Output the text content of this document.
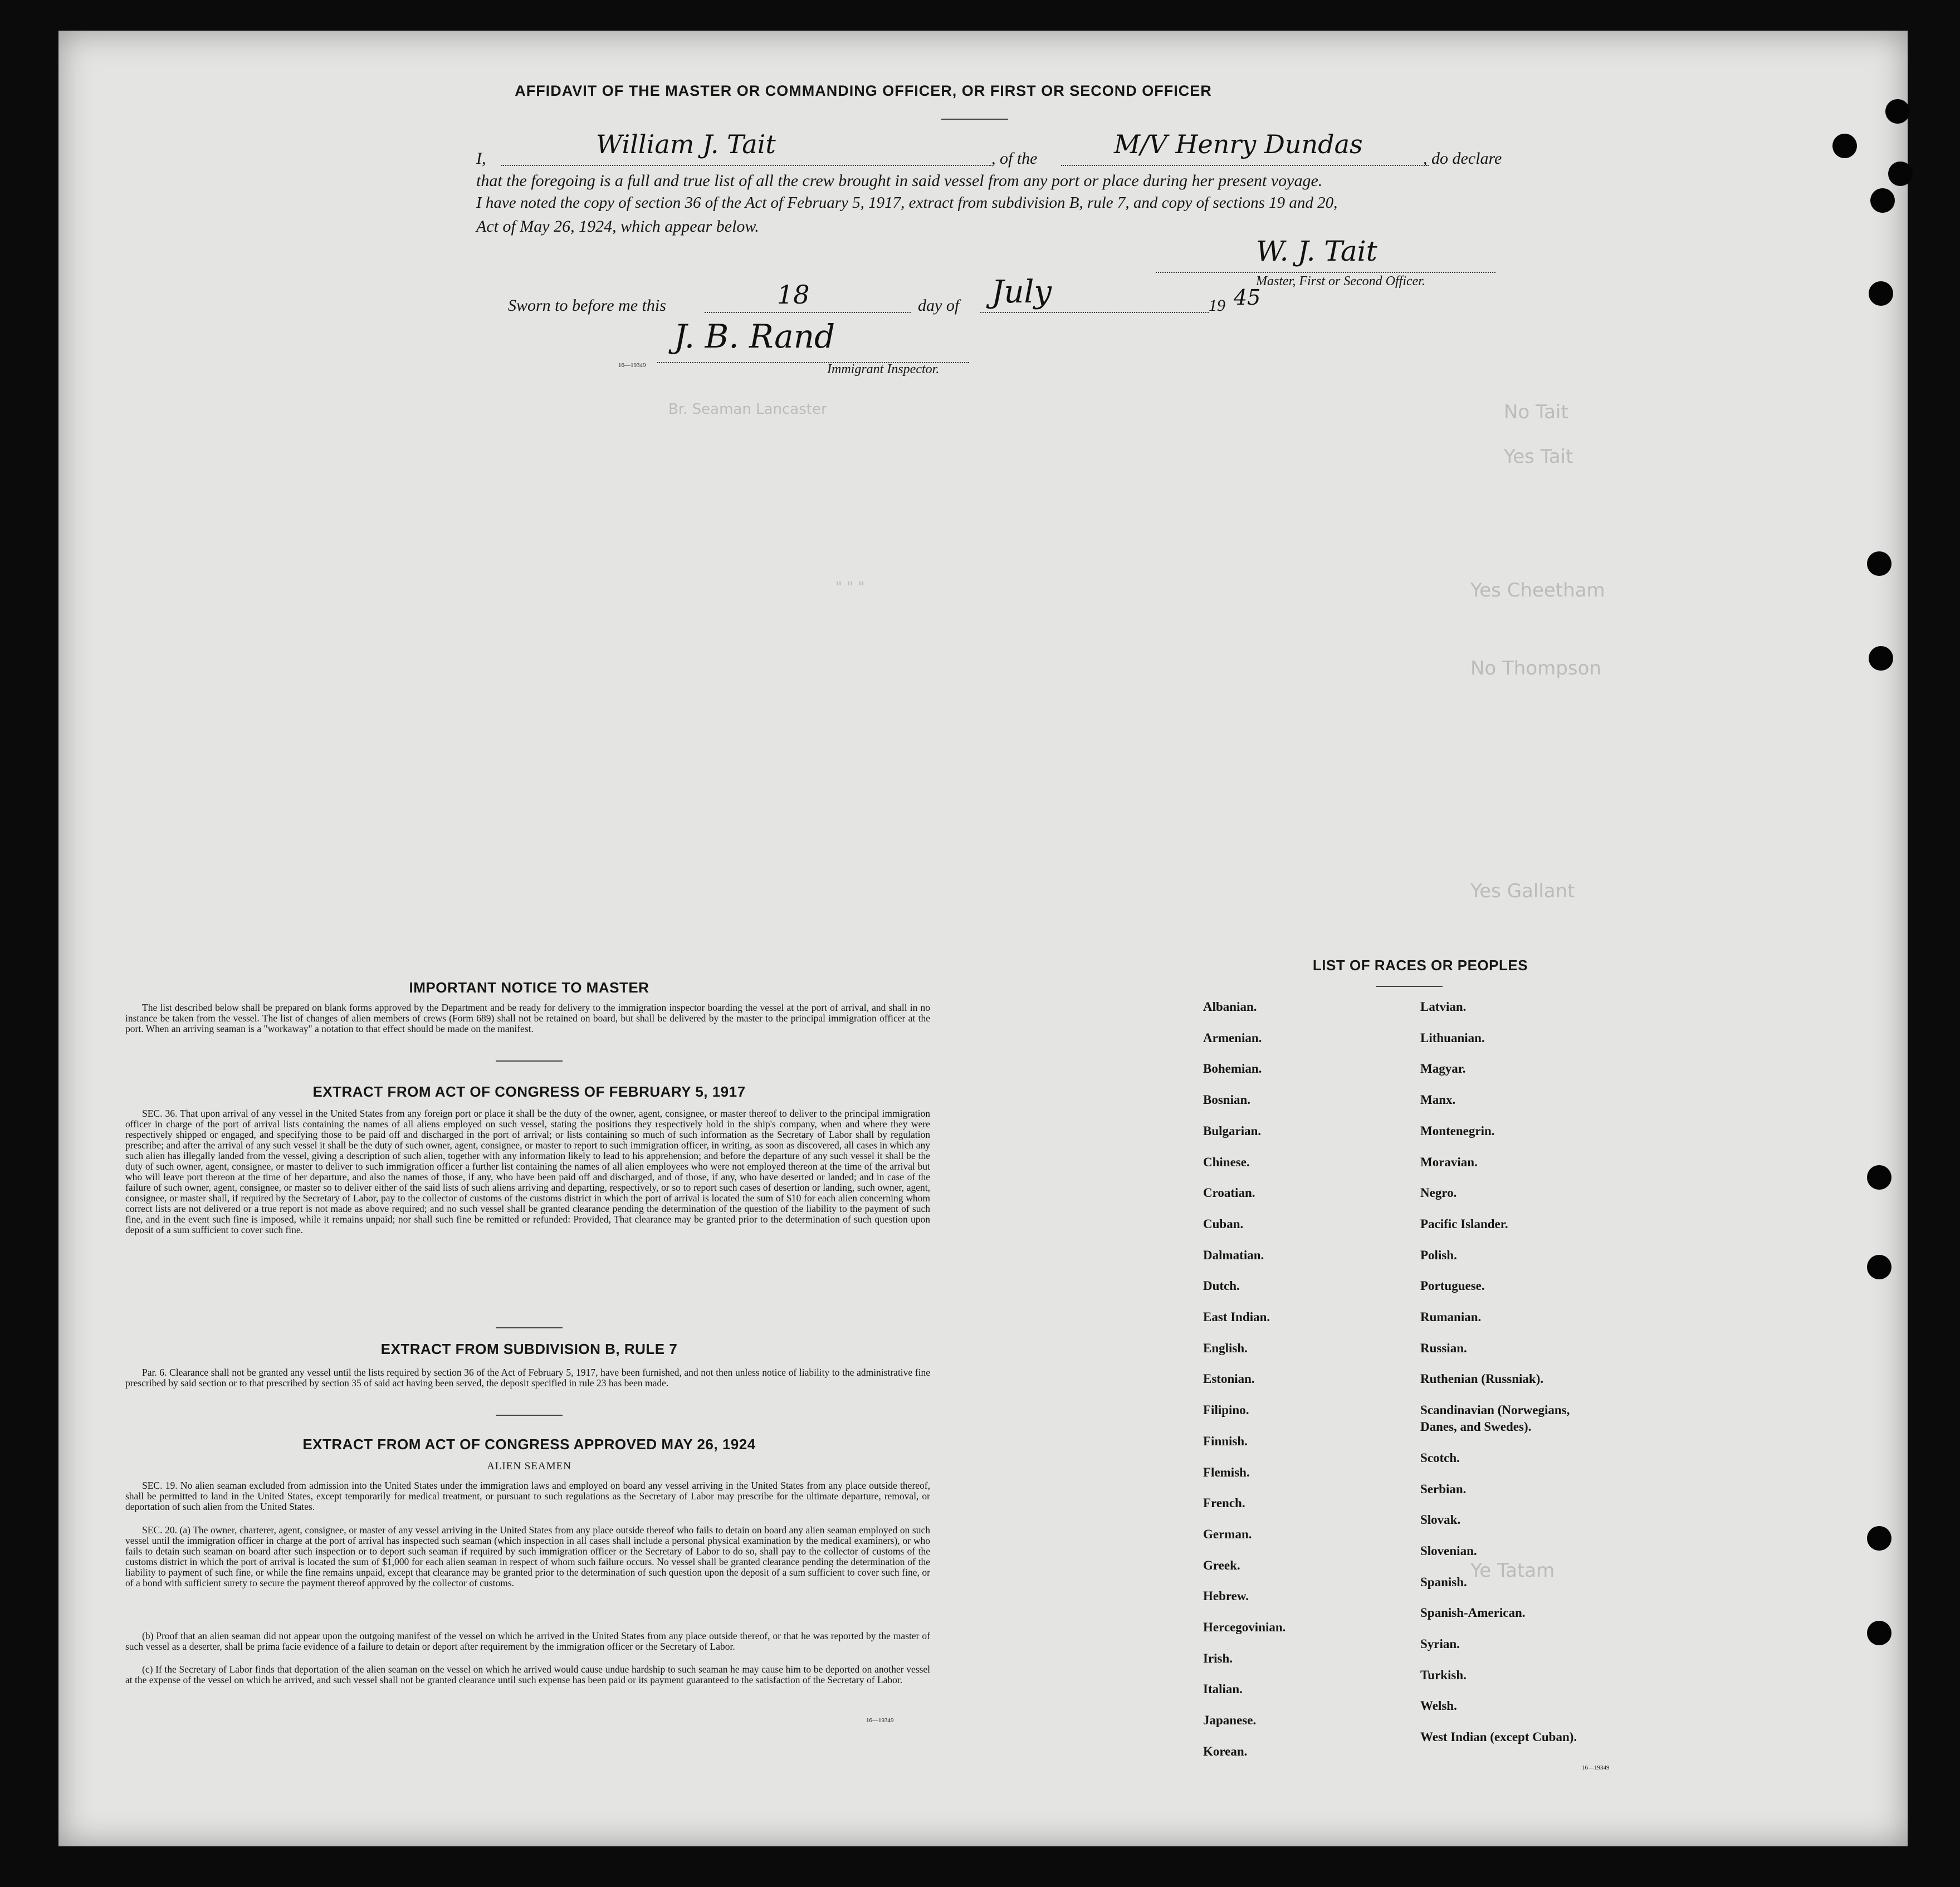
No Tait
Yes Tait
Yes Cheetham
No Thompson
Yes Gallant
Ye Tatam
Br. Seaman Lancaster
" " "
AFFIDAVIT OF THE MASTER OR COMMANDING OFFICER, OR FIRST OR SECOND OFFICER
I,	William J. Tait	, of the	M/V Henry Dundas	, do declare
that the foregoing is a full and true list of all the crew brought in said vessel from any port or place during her present voyage.
I have noted the copy of section 36 of the Act of February 5, 1917, extract from subdivision B, rule 7, and copy of sections 19 and 20,
Act of May 26, 1924, which appear below.
W. J. Tait
Master, First or Second Officer.
Sworn to before me this	18	day of July	19 45
J. B. Rand
16—19349	Immigrant Inspector.
IMPORTANT NOTICE TO MASTER
The list described below shall be prepared on blank forms approved by the Department and be ready for delivery to the immigration inspector boarding the vessel at the port of arrival, and shall in no instance be taken from the vessel. The list of changes of alien members of crews (Form 689) shall not be retained on board, but shall be delivered by the master to the principal immigration officer at the port. When an arriving seaman is a "workaway" a notation to that effect should be made on the manifest.
EXTRACT FROM ACT OF CONGRESS OF FEBRUARY 5, 1917
SEC. 36. That upon arrival of any vessel in the United States from any foreign port or place it shall be the duty of the owner, agent, consignee, or master thereof to deliver to the principal immigration officer in charge of the port of arrival lists containing the names of all aliens employed on such vessel, stating the positions they respectively hold in the ship's company, when and where they were respectively shipped or engaged, and specifying those to be paid off and discharged in the port of arrival; or lists containing so much of such information as the Secretary of Labor shall by regulation prescribe; and after the arrival of any such vessel it shall be the duty of such owner, agent, consignee, or master to report to such immigration officer, in writing, as soon as discovered, all cases in which any such alien has illegally landed from the vessel, giving a description of such alien, together with any information likely to lead to his apprehension; and before the departure of any such vessel it shall be the duty of such owner, agent, consignee, or master to deliver to such immigration officer a further list containing the names of all alien employees who were not employed thereon at the time of the arrival but who will leave port thereon at the time of her departure, and also the names of those, if any, who have been paid off and discharged, and of those, if any, who have deserted or landed; and in case of the failure of such owner, agent, consignee, or master so to deliver either of the said lists of such aliens arriving and departing, respectively, or so to report such cases of desertion or landing, such owner, agent, consignee, or master shall, if required by the Secretary of Labor, pay to the collector of customs of the customs district in which the port of arrival is located the sum of $10 for each alien concerning whom correct lists are not delivered or a true report is not made as above required; and no such vessel shall be granted clearance pending the determination of the question of the liability to the payment of such fine, and in the event such fine is imposed, while it remains unpaid; nor shall such fine be remitted or refunded: Provided, That clearance may be granted prior to the determination of such question upon deposit of a sum sufficient to cover such fine.
EXTRACT FROM SUBDIVISION B, RULE 7
Par. 6. Clearance shall not be granted any vessel until the lists required by section 36 of the Act of February 5, 1917, have been furnished, and not then unless notice of liability to the administrative fine prescribed by said section or to that prescribed by section 35 of said act having been served, the deposit specified in rule 23 has been made.
EXTRACT FROM ACT OF CONGRESS APPROVED MAY 26, 1924
ALIEN SEAMEN
SEC. 19. No alien seaman excluded from admission into the United States under the immigration laws and employed on board any vessel arriving in the United States from any place outside thereof, shall be permitted to land in the United States, except temporarily for medical treatment, or pursuant to such regulations as the Secretary of Labor may prescribe for the ultimate departure, removal, or deportation of such alien from the United States.
SEC. 20. (a) The owner, charterer, agent, consignee, or master of any vessel arriving in the United States from any place outside thereof who fails to detain on board any alien seaman employed on such vessel until the immigration officer in charge at the port of arrival has inspected such seaman (which inspection in all cases shall include a personal physical examination by the medical examiners), or who fails to detain such seaman on board after such inspection or to deport such seaman if required by such immigration officer or the Secretary of Labor to do so, shall pay to the collector of customs of the customs district in which the port of arrival is located the sum of $1,000 for each alien seaman in respect of whom such failure occurs. No vessel shall be granted clearance pending the determination of the liability to payment of such fine, or while the fine remains unpaid, except that clearance may be granted prior to the determination of such question upon the deposit of a sum sufficient to cover such fine, or of a bond with sufficient surety to secure the payment thereof approved by the collector of customs.
(b) Proof that an alien seaman did not appear upon the outgoing manifest of the vessel on which he arrived in the United States from any place outside thereof, or that he was reported by the master of such vessel as a deserter, shall be prima facie evidence of a failure to detain or deport after requirement by the immigration officer or the Secretary of Labor.
(c) If the Secretary of Labor finds that deportation of the alien seaman on the vessel on which he arrived would cause undue hardship to such seaman he may cause him to be deported on another vessel at the expense of the vessel on which he arrived, and such vessel shall not be granted clearance until such expense has been paid or its payment guaranteed to the satisfaction of the Secretary of Labor.
16—19349
LIST OF RACES OR PEOPLES
Albanian.
Armenian.
Bohemian.
Bosnian.
Bulgarian.
Chinese.
Croatian.
Cuban.
Dalmatian.
Dutch.
East Indian.
English.
Estonian.
Filipino.
Finnish.
Flemish.
French.
German.
Greek.
Hebrew.
Hercegovinian.
Irish.
Italian.
Japanese.
Korean.
Latvian.
Lithuanian.
Magyar.
Manx.
Montenegrin.
Moravian.
Negro.
Pacific Islander.
Polish.
Portuguese.
Rumanian.
Russian.
Ruthenian (Russniak).
Scandinavian (Norwegians,
Danes, and Swedes).
Scotch.
Serbian.
Slovak.
Slovenian.
Spanish.
Spanish-American.
Syrian.
Turkish.
Welsh.
West Indian (except Cuban).
16—19349
